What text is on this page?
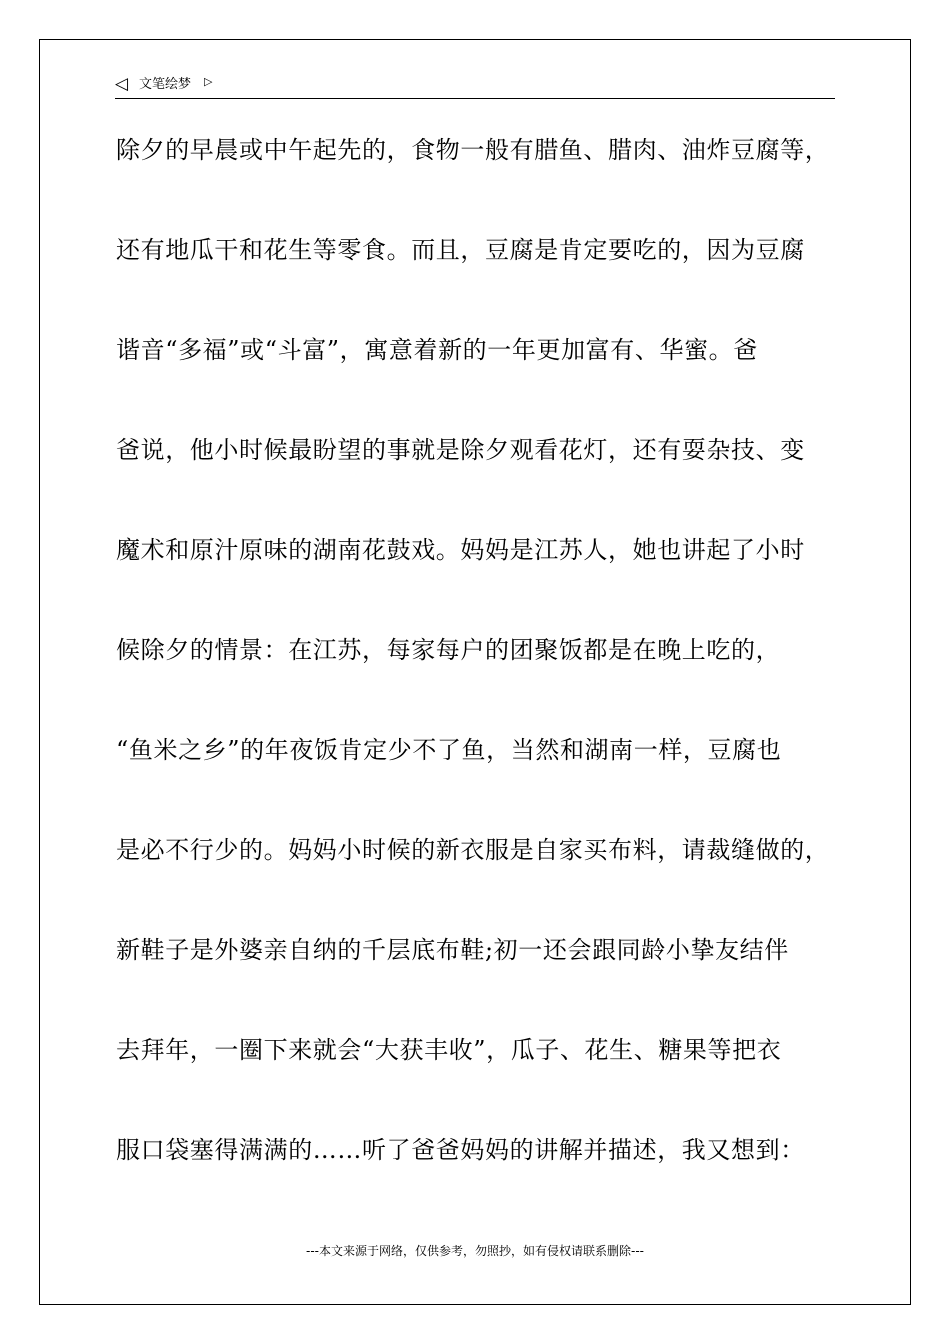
◁ 文笔绘梦 ▷
除夕的早晨或中午起先的，食物一般有腊鱼、腊肉、油炸豆腐等，
还有地瓜干和花生等零食。而且，豆腐是肯定要吃的，因为豆腐
谐音“多福”或“斗富”，寓意着新的一年更加富有、华蜜。爸
爸说，他小时候最盼望的事就是除夕观看花灯，还有耍杂技、变
魔术和原汁原味的湖南花鼓戏。妈妈是江苏人，她也讲起了小时
候除夕的情景：在江苏，每家每户的团聚饭都是在晚上吃的，
“鱼米之乡”的年夜饭肯定少不了鱼，当然和湖南一样，豆腐也
是必不行少的。妈妈小时候的新衣服是自家买布料，请裁缝做的，
新鞋子是外婆亲自纳的千层底布鞋;初一还会跟同龄小挚友结伴
去拜年，一圈下来就会“大获丰收”，瓜子、花生、糖果等把衣
服口袋塞得满满的……听了爸爸妈妈的讲解并描述，我又想到：
---本文来源于网络，仅供参考，勿照抄，如有侵权请联系删除---
